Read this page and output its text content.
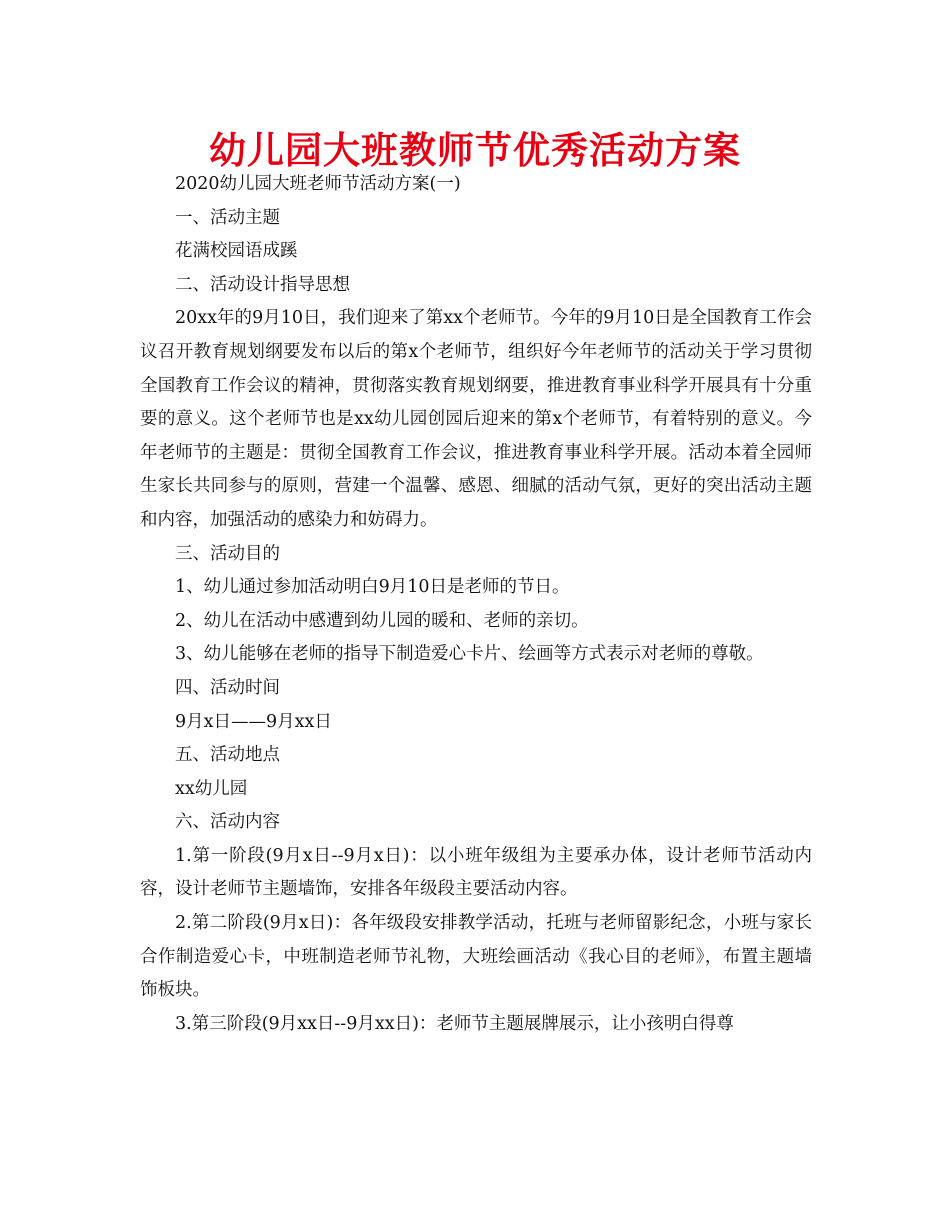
幼儿园大班教师节优秀活动方案

2020幼儿园大班老师节活动方案(一)

一、活动主题

花满校园语成蹊

二、活动设计指导思想

20xx年的9月10日，我们迎来了第xx个老师节。今年的9月10日是全国教育工作会议召开教育规划纲要发布以后的第x个老师节，组织好今年老师节的活动关于学习贯彻全国教育工作会议的精神，贯彻落实教育规划纲要，推进教育事业科学开展具有十分重要的意义。这个老师节也是xx幼儿园创园后迎来的第x个老师节，有着特别的意义。今年老师节的主题是：贯彻全国教育工作会议，推进教育事业科学开展。活动本着全园师生家长共同参与的原则，营建一个温馨、感恩、细腻的活动气氛，更好的突出活动主题和内容，加强活动的感染力和妨碍力。

三、活动目的

1、幼儿通过参加活动明白9月10日是老师的节日。

2、幼儿在活动中感遭到幼儿园的暖和、老师的亲切。

3、幼儿能够在老师的指导下制造爱心卡片、绘画等方式表示对老师的尊敬。

四、活动时间

9月x日——9月xx日

五、活动地点

xx幼儿园

六、活动内容

1.第一阶段(9月x日--9月x日)：以小班年级组为主要承办体，设计老师节活动内容，设计老师节主题墙饰，安排各年级段主要活动内容。

2.第二阶段(9月x日)：各年级段安排教学活动，托班与老师留影纪念，小班与家长合作制造爱心卡，中班制造老师节礼物，大班绘画活动《我心目的老师》，布置主题墙饰板块。

3.第三阶段(9月xx日--9月xx日)：老师节主题展牌展示，让小孩明白得尊
